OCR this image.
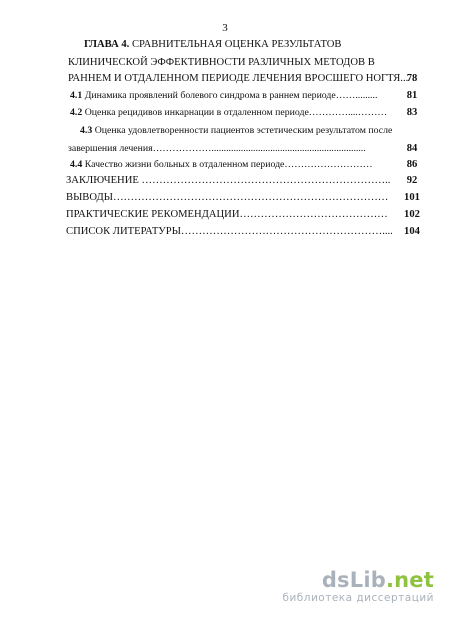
3
ГЛАВА 4. СРАВНИТЕЛЬНАЯ ОЦЕНКА РЕЗУЛЬТАТОВ
КЛИНИЧЕСКОЙ ЭФФЕКТИВНОСТИ РАЗЛИЧНЫХ МЕТОДОВ В
РАННЕМ И ОТДАЛЕННОМ ПЕРИОДЕ ЛЕЧЕНИЯ ВРОСШЕГО НОГТЯ...
78
4.1 Динамика проявлений болевого синдрома в раннем периоде…….........	81
4.2 Оценка рецидивов инкарнации в отдаленном периоде…………....………	83
4.3 Оценка удовлетворенности пациентов эстетическим результатом после
завершения лечения………………...............................................................	84
4.4 Качество жизни больных в отдаленном периоде………………………	86
ЗАКЛЮЧЕНИЕ ……………………………………………………………..	92
ВЫВОДЫ……………………………………………………………………	101
ПРАКТИЧЕСКИЕ РЕКОМЕНДАЦИИ……………………………………	102
СПИСОК ЛИТЕРАТУРЫ…………………………………………………....	104
dsLib.net
библиотека диссертаций
